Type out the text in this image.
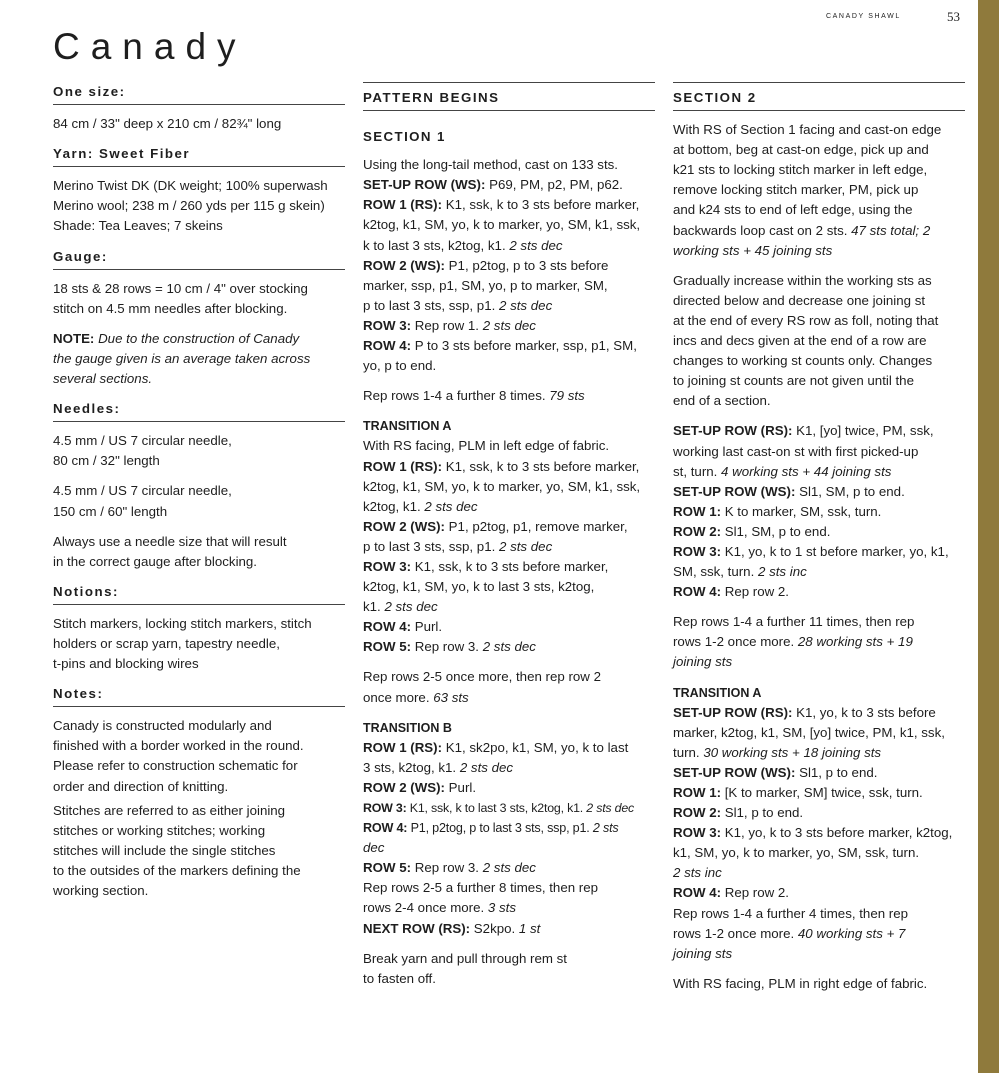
CANADY SHAWL	53
Canady
One size:

84 cm / 33" deep x 210 cm / 82¾" long

Yarn: Sweet Fiber

Merino Twist DK (DK weight; 100% superwash
Merino wool; 238 m / 260 yds per 115 g skein)
Shade: Tea Leaves; 7 skeins

Gauge:

18 sts & 28 rows = 10 cm / 4" over stocking
stitch on 4.5 mm needles after blocking.

NOTE: Due to the construction of Canady
the gauge given is an average taken across
several sections.

Needles:

4.5 mm / US 7 circular needle,
80 cm / 32" length

4.5 mm / US 7 circular needle,
150 cm / 60" length

Always use a needle size that will result
in the correct gauge after blocking.

Notions:

Stitch markers, locking stitch markers, stitch
holders or scrap yarn, tapestry needle,
t-pins and blocking wires

Notes:

Canady is constructed modularly and
finished with a border worked in the round.
Please refer to construction schematic for
order and direction of knitting.

Stitches are referred to as either joining
stitches or working stitches; working
stitches will include the single stitches
to the outsides of the markers defining the
working section.

PATTERN BEGINS
SECTION 1
Using the long-tail method, cast on 133 sts.
SET-UP ROW (WS): P69, PM, p2, PM, p62.
ROW 1 (RS): K1, ssk, k to 3 sts before marker,
k2tog, k1, SM, yo, k to marker, yo, SM, k1, ssk,
k to last 3 sts, k2tog, k1. 2 sts dec
ROW 2 (WS): P1, p2tog, p to 3 sts before
marker, ssp, p1, SM, yo, p to marker, SM,
p to last 3 sts, ssp, p1. 2 sts dec
ROW 3: Rep row 1. 2 sts dec
ROW 4: P to 3 sts before marker, ssp, p1, SM,
yo, p to end.

Rep rows 1-4 a further 8 times. 79 sts

TRANSITION A
With RS facing, PLM in left edge of fabric.
ROW 1 (RS): K1, ssk, k to 3 sts before marker,
k2tog, k1, SM, yo, k to marker, yo, SM, k1, ssk,
k2tog, k1. 2 sts dec
ROW 2 (WS): P1, p2tog, p1, remove marker,
p to last 3 sts, ssp, p1. 2 sts dec
ROW 3: K1, ssk, k to 3 sts before marker,
k2tog, k1, SM, yo, k to last 3 sts, k2tog,
k1. 2 sts dec
ROW 4: Purl.
ROW 5: Rep row 3. 2 sts dec

Rep rows 2-5 once more, then rep row 2
once more. 63 sts

TRANSITION B
ROW 1 (RS): K1, sk2po, k1, SM, yo, k to last
3 sts, k2tog, k1. 2 sts dec
ROW 2 (WS): Purl.
ROW 3: K1, ssk, k to last 3 sts, k2tog, k1. 2 sts dec
ROW 4: P1, p2tog, p to last 3 sts, ssp, p1. 2 sts
dec
ROW 5: Rep row 3. 2 sts dec
Rep rows 2-5 a further 8 times, then rep
rows 2-4 once more. 3 sts
NEXT ROW (RS): S2kpo. 1 st

Break yarn and pull through rem st
to fasten off.

SECTION 2

With RS of Section 1 facing and cast-on edge
at bottom, beg at cast-on edge, pick up and
k21 sts to locking stitch marker in left edge,
remove locking stitch marker, PM, pick up
and k24 sts to end of left edge, using the
backwards loop cast on 2 sts. 47 sts total; 2
working sts + 45 joining sts

Gradually increase within the working sts as
directed below and decrease one joining st
at the end of every RS row as foll, noting that
incs and decs given at the end of a row are
changes to working st counts only. Changes
to joining st counts are not given until the
end of a section.

SET-UP ROW (RS): K1, [yo] twice, PM, ssk,
working last cast-on st with first picked-up
st, turn. 4 working sts + 44 joining sts
SET-UP ROW (WS): Sl1, SM, p to end.
ROW 1: K to marker, SM, ssk, turn.
ROW 2: Sl1, SM, p to end.
ROW 3: K1, yo, k to 1 st before marker, yo, k1,
SM, ssk, turn. 2 sts inc
ROW 4: Rep row 2.

Rep rows 1-4 a further 11 times, then rep
rows 1-2 once more. 28 working sts + 19
joining sts

TRANSITION A
SET-UP ROW (RS): K1, yo, k to 3 sts before
marker, k2tog, k1, SM, [yo] twice, PM, k1, ssk,
turn. 30 working sts + 18 joining sts
SET-UP ROW (WS): Sl1, p to end.
ROW 1: [K to marker, SM] twice, ssk, turn.
ROW 2: Sl1, p to end.
ROW 3: K1, yo, k to 3 sts before marker, k2tog,
k1, SM, yo, k to marker, yo, SM, ssk, turn.
2 sts inc
ROW 4: Rep row 2.
Rep rows 1-4 a further 4 times, then rep
rows 1-2 once more. 40 working sts + 7
joining sts

With RS facing, PLM in right edge of fabric.
